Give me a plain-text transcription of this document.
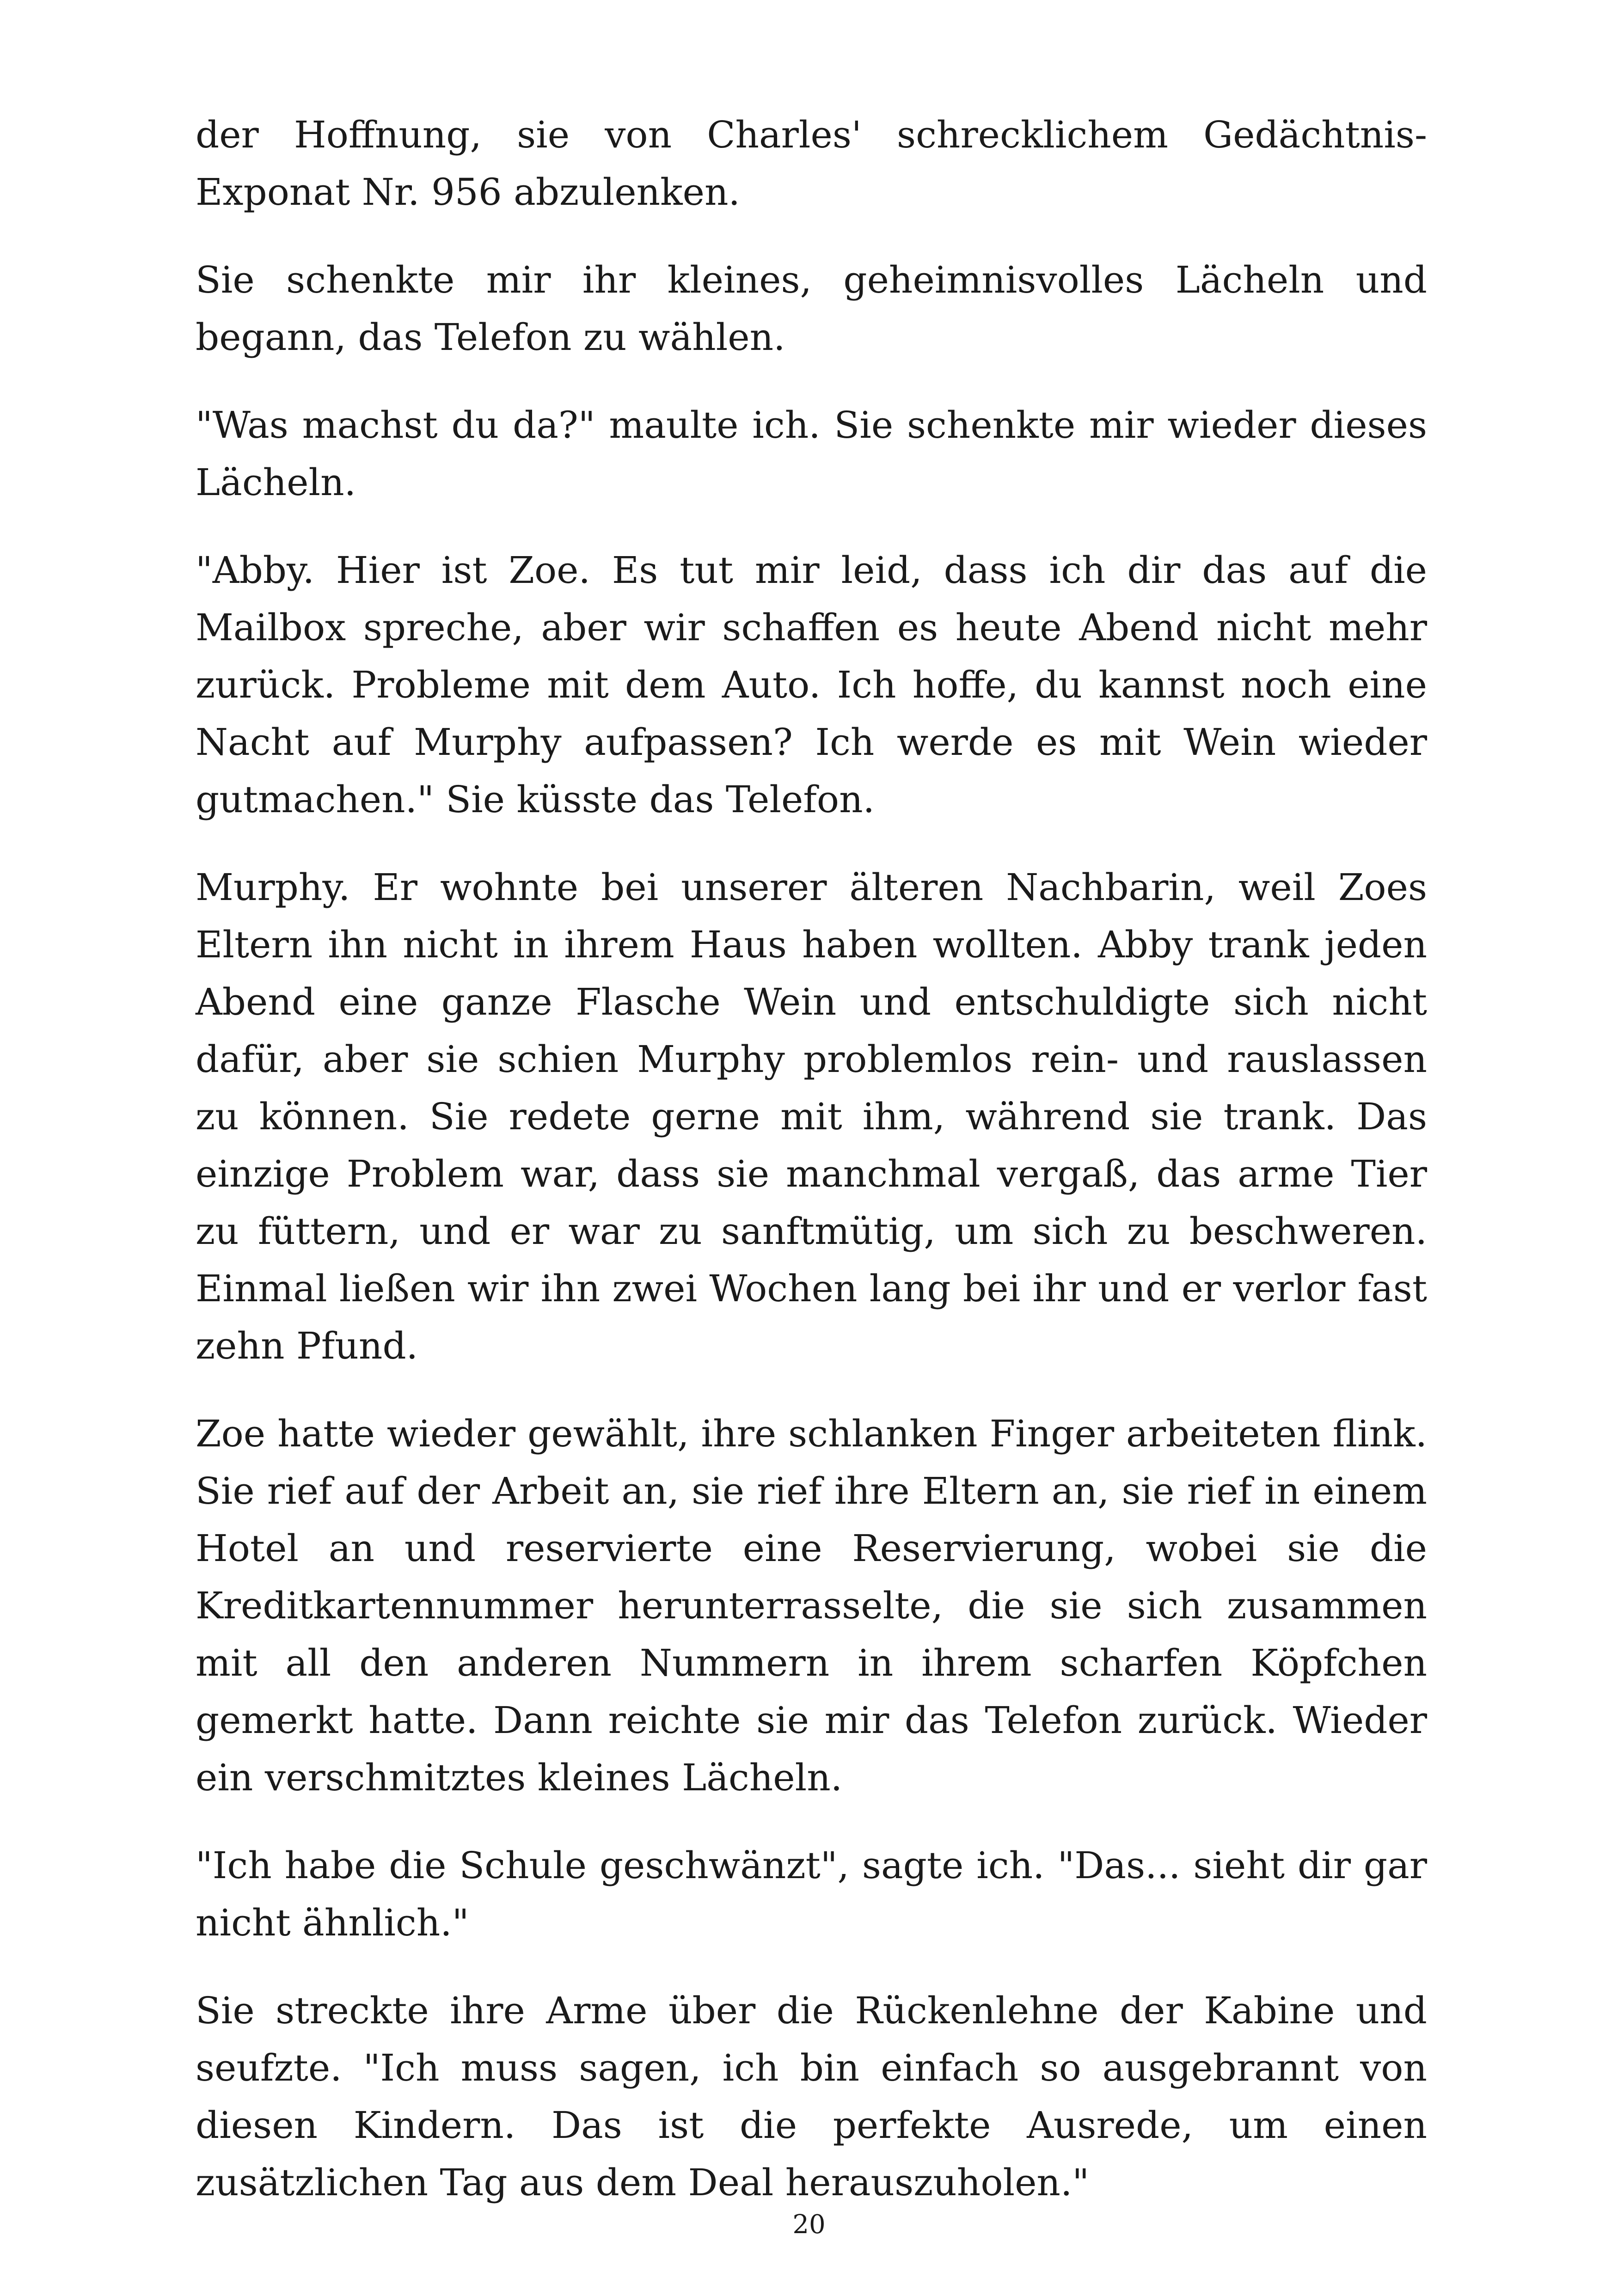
der Hoffnung, sie von Charles' schrecklichem Gedächtnis-Exponat Nr. 956 abzulenken.

Sie schenkte mir ihr kleines, geheimnisvolles Lächeln und begann, das Telefon zu wählen.

"Was machst du da?" maulte ich. Sie schenkte mir wieder dieses Lächeln.

"Abby. Hier ist Zoe. Es tut mir leid, dass ich dir das auf die Mailbox spreche, aber wir schaffen es heute Abend nicht mehr zurück. Probleme mit dem Auto. Ich hoffe, du kannst noch eine Nacht auf Murphy aufpassen? Ich werde es mit Wein wieder gutmachen." Sie küsste das Telefon.

Murphy. Er wohnte bei unserer älteren Nachbarin, weil Zoes Eltern ihn nicht in ihrem Haus haben wollten. Abby trank jeden Abend eine ganze Flasche Wein und entschuldigte sich nicht dafür, aber sie schien Murphy problemlos rein- und rauslassen zu können. Sie redete gerne mit ihm, während sie trank. Das einzige Problem war, dass sie manchmal vergaß, das arme Tier zu füttern, und er war zu sanftmütig, um sich zu beschweren. Einmal ließen wir ihn zwei Wochen lang bei ihr und er verlor fast zehn Pfund.

Zoe hatte wieder gewählt, ihre schlanken Finger arbeiteten flink. Sie rief auf der Arbeit an, sie rief ihre Eltern an, sie rief in einem Hotel an und reservierte eine Reservierung, wobei sie die Kreditkartennummer herunterrasselte, die sie sich zusammen mit all den anderen Nummern in ihrem scharfen Köpfchen gemerkt hatte. Dann reichte sie mir das Telefon zurück. Wieder ein verschmitztes kleines Lächeln.

"Ich habe die Schule geschwänzt", sagte ich. "Das... sieht dir gar nicht ähnlich."

Sie streckte ihre Arme über die Rückenlehne der Kabine und seufzte. "Ich muss sagen, ich bin einfach so ausgebrannt von diesen Kindern. Das ist die perfekte Ausrede, um einen zusätzlichen Tag aus dem Deal herauszuholen."

20
